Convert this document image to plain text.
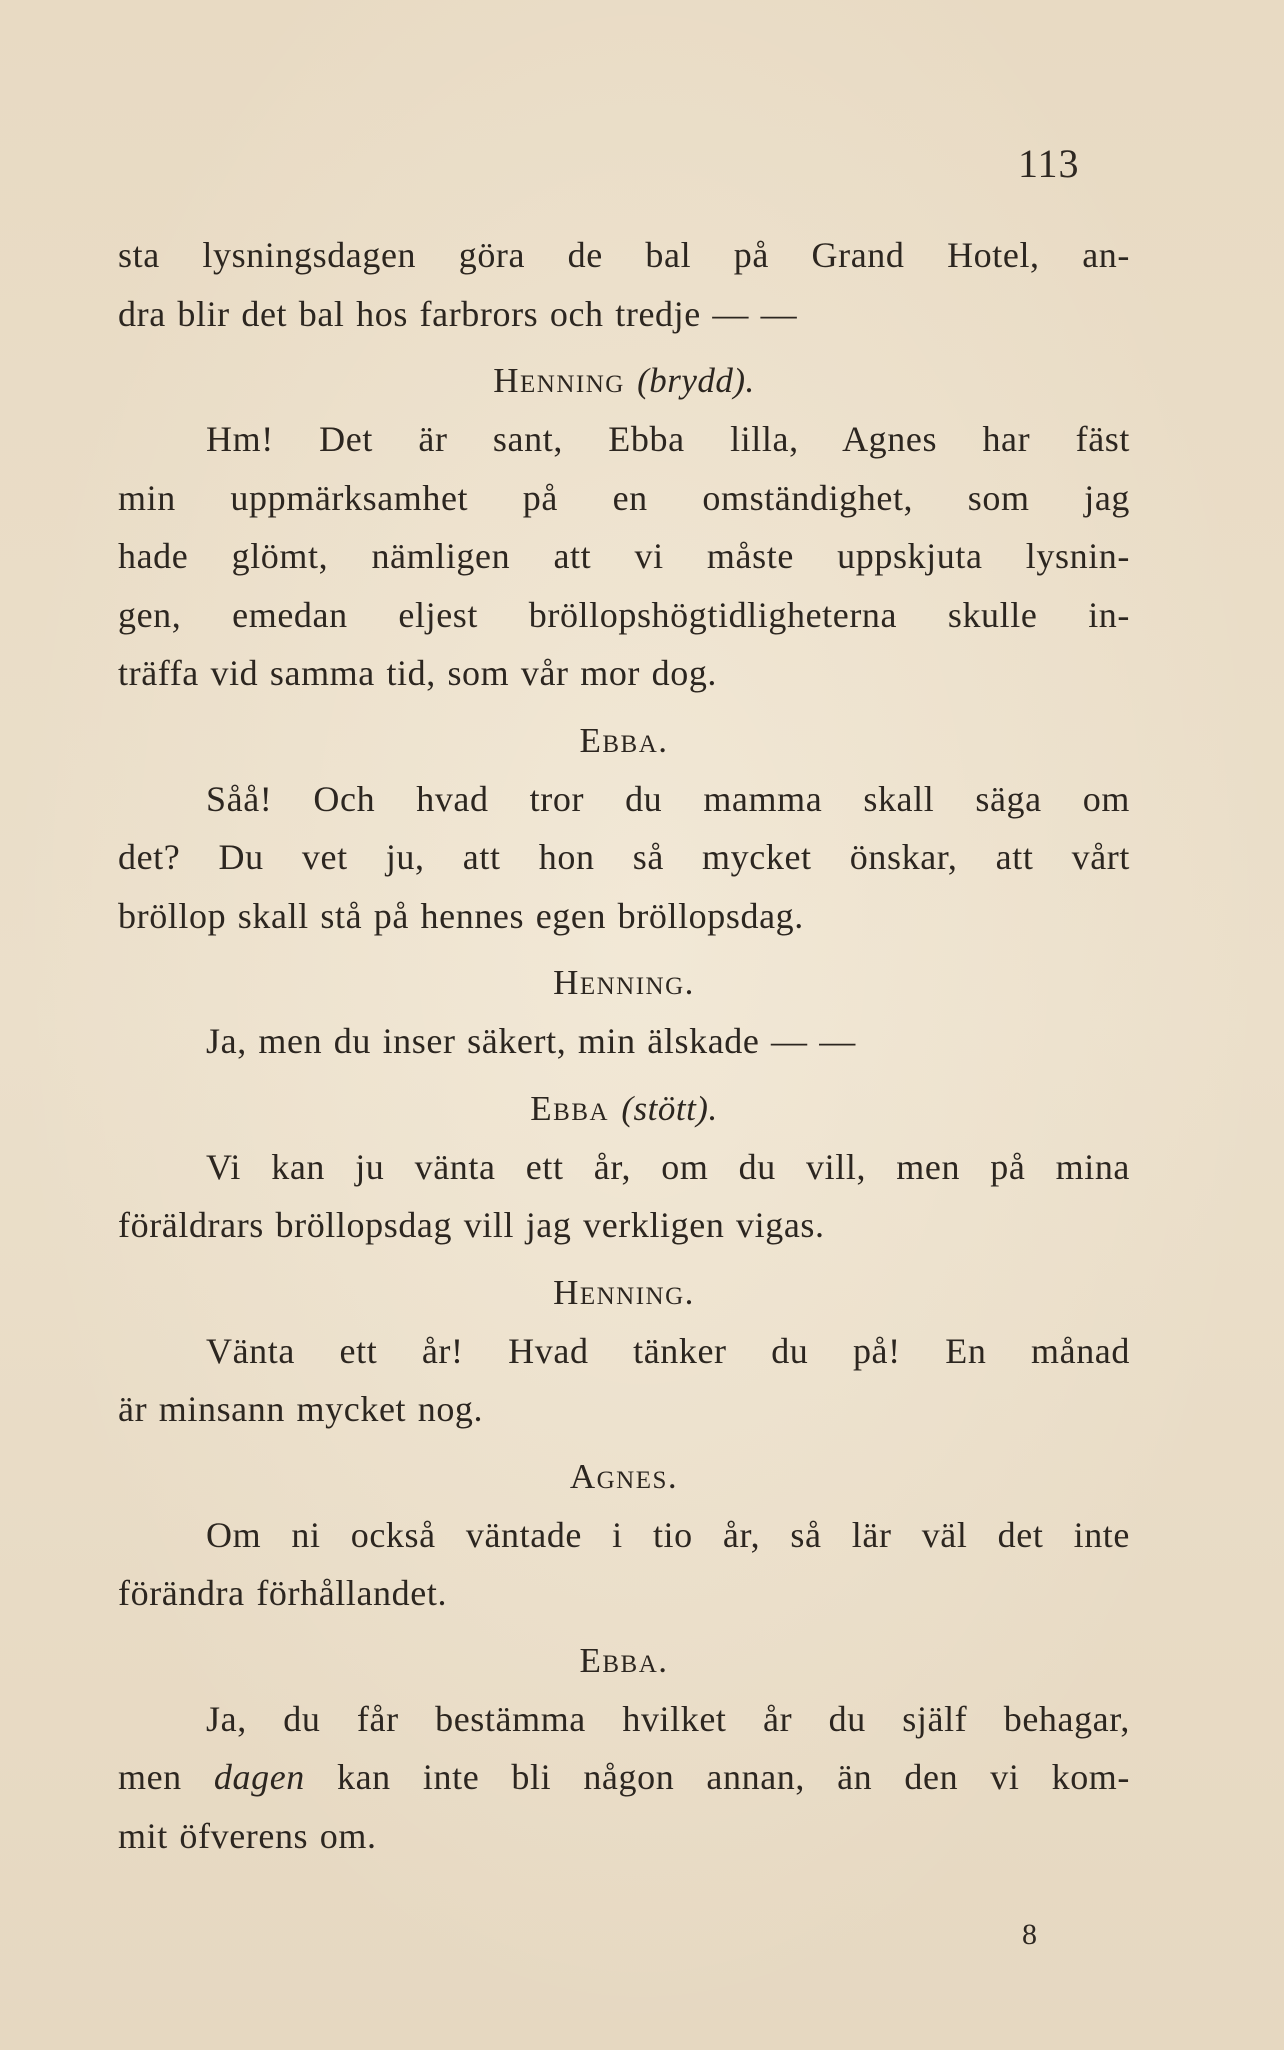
113

sta lysningsdagen göra de bal på Grand Hotel, an-
dra blir det bal hos farbrors och tredje — —

Henning (brydd).

Hm! Det är sant, Ebba lilla, Agnes har fäst
min uppmärksamhet på en omständighet, som jag
hade glömt, nämligen att vi måste uppskjuta lysnin-
gen, emedan eljest bröllopshögtidligheterna skulle in-
träffa vid samma tid, som vår mor dog.

Ebba.

Såå! Och hvad tror du mamma skall säga om
det? Du vet ju, att hon så mycket önskar, att vårt
bröllop skall stå på hennes egen bröllopsdag.

Henning.

Ja, men du inser säkert, min älskade — —

Ebba (stött).

Vi kan ju vänta ett år, om du vill, men på mina
föräldrars bröllopsdag vill jag verkligen vigas.

Henning.

Vänta ett år! Hvad tänker du på! En månad
är minsann mycket nog.

Agnes.

Om ni också väntade i tio år, så lär väl det inte
förändra förhållandet.

Ebba.

Ja, du får bestämma hvilket år du själf behagar,
men dagen kan inte bli någon annan, än den vi kom-
mit öfverens om.

8
